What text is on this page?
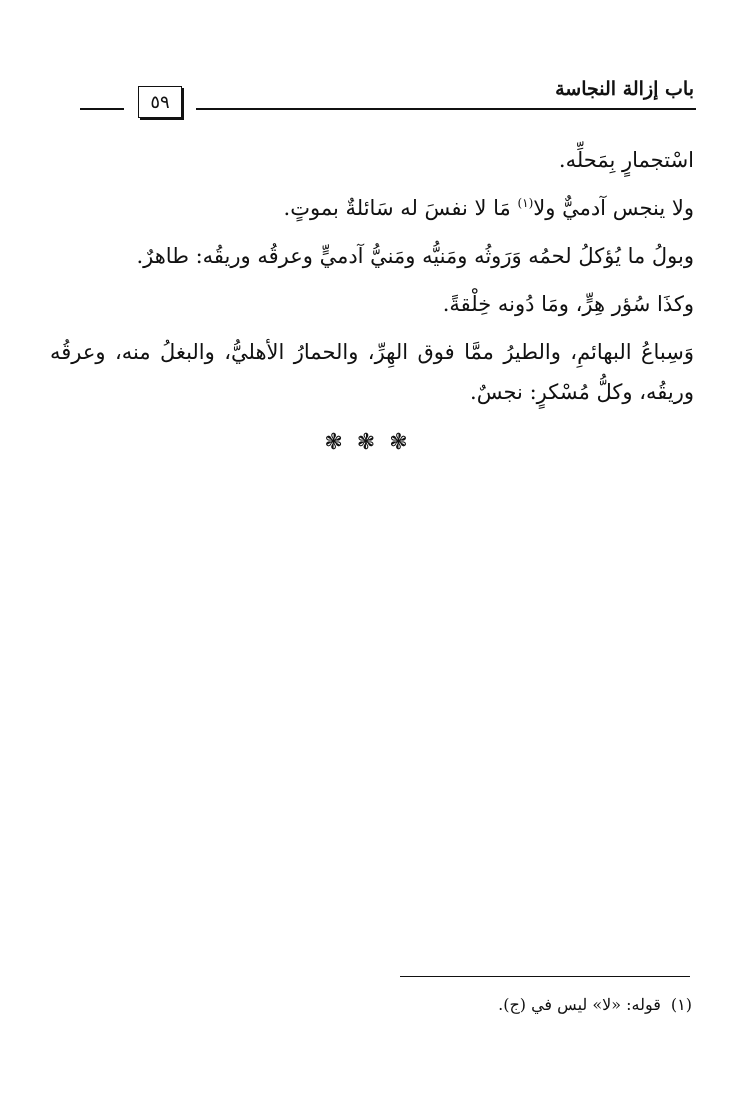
باب إزالة النجاسة
٥٩

اسْتجمارٍ بِمَحلِّه.

ولا ينجس آدميٌّ ولا$^{(١)}$ مَا لا نفسَ له سَائلةٌ بموتٍ.

وبولُ ما يُؤكلُ لحمُه وَرَوثُه ومَنيُّه ومَنيُّ آدميٍّ وعرقُه وريقُه: طاهرٌ.

وكذَا سُؤر هِرٍّ، ومَا دُونه خِلْقةً.

وَسِباعُ البهائمِ، والطيرُ ممَّا فوق الهِرِّ، والحمارُ الأهليُّ، والبغلُ منه، وعرقُه وريقُه، وكلُّ مُسْكرٍ: نجسٌ.

❃❃❃
(١)قوله: «لا» ليس في (ج).
